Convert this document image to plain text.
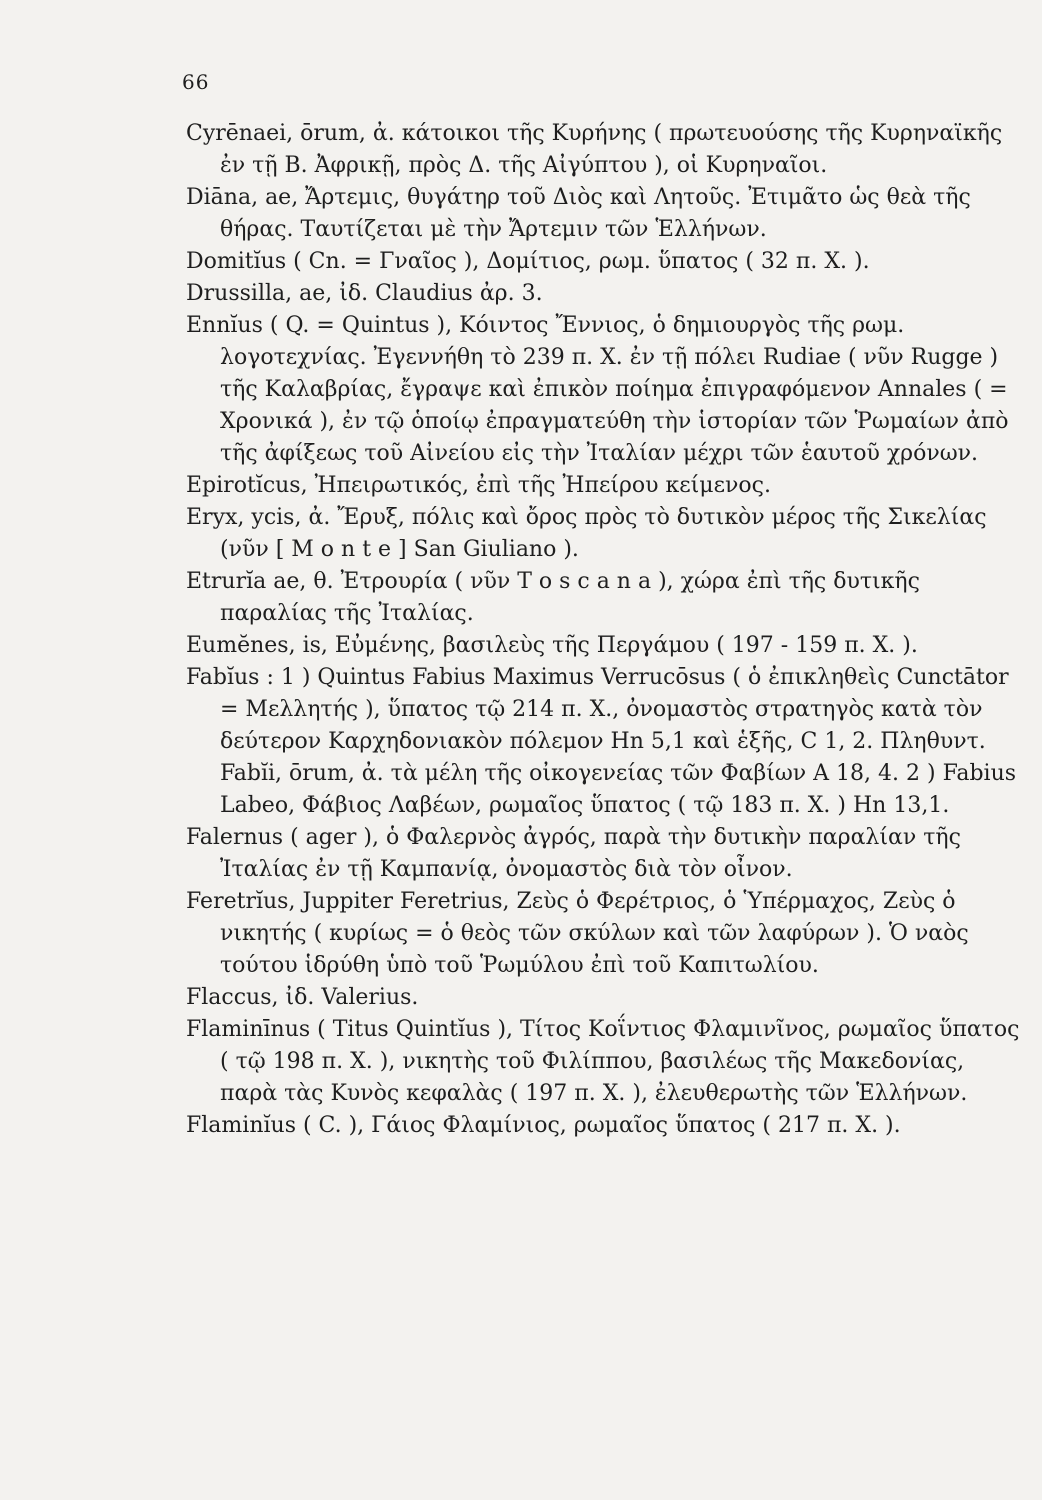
66

Cyrēnaei, ōrum, ἀ. κάτοικοι τῆς Κυρήνης ( πρωτευούσης τῆς Κυρηναϊκῆς ἐν τῇ Β. Ἀφρικῇ, πρὸς Δ. τῆς Αἰγύπτου ), οἱ Κυρηναῖοι.

Diāna, ae, Ἄρτεμις, θυγάτηρ τοῦ Διὸς καὶ Λητοῦς. Ἐτιμᾶτο ὡς θεὰ τῆς θήρας. Ταυτίζεται μὲ τὴν Ἄρτεμιν τῶν Ἑλλήνων.

Domitĭus ( Cn. = Γναῖος ), Δομίτιος, ρωμ. ὕπατος ( 32 π. Χ. ).

Drussilla, ae, ἰδ. Claudius ἀρ. 3.

Ennĭus ( Q. = Quintus ), Κόιντος Ἔννιος, ὁ δημιουργὸς τῆς ρωμ. λογοτεχνίας. Ἐγεννήθη τὸ 239 π. Χ. ἐν τῇ πόλει Rudiae ( νῦν Rugge ) τῆς Καλαβρίας, ἔγραψε καὶ ἐπικὸν ποίημα ἐπιγραφόμενον Annales ( = Χρονικά ), ἐν τῷ ὁποίῳ ἐπραγματεύθη τὴν ἱστορίαν τῶν Ῥωμαίων ἀπὸ τῆς ἀφίξεως τοῦ Αἰνείου εἰς τὴν Ἰταλίαν μέχρι τῶν ἑαυτοῦ χρόνων.

Epirotĭcus, Ἠπειρωτικός, ἐπὶ τῆς Ἠπείρου κείμενος.

Eryx, ycis, ἀ. Ἔρυξ, πόλις καὶ ὄρος πρὸς τὸ δυτικὸν μέρος τῆς Σικελίας (νῦν [ M o n t e ] San Giuliano ).

Etrurĭa ae, θ. Ἐτρουρία ( νῦν T o s c a n a ), χώρα ἐπὶ τῆς δυτικῆς παραλίας τῆς Ἰταλίας.

Eumĕnes, is, Εὐμένης, βασιλεὺς τῆς Περγάμου ( 197 - 159 π. Χ. ).

Fabĭus : 1 ) Quintus Fabius Maximus Verrucōsus ( ὁ ἐπικληθεὶς Cunctātor = Μελλητής ), ὕπατος τῷ 214 π. Χ., ὀνομαστὸς στρατηγὸς κατὰ τὸν δεύτερον Καρχηδονιακὸν πόλεμον Hn 5,1 καὶ ἑξῆς, C 1, 2. Πληθυντ. Fabĭi, ōrum, ἀ. τὰ μέλη τῆς οἰκογενείας τῶν Φαβίων A 18, 4. 2 ) Fabius Labeo, Φάβιος Λαβέων, ρωμαῖος ὕπατος ( τῷ 183 π. Χ. ) Hn 13,1.

Falernus ( ager ), ὁ Φαλερνὸς ἀγρός, παρὰ τὴν δυτικὴν παραλίαν τῆς Ἰταλίας ἐν τῇ Καμπανίᾳ, ὀνομαστὸς διὰ τὸν οἶνον.

Feretrĭus, Juppiter Feretrius, Ζεὺς ὁ Φερέτριος, ὁ Ὑπέρμαχος, Ζεὺς ὁ νικητής ( κυρίως = ὁ θεὸς τῶν σκύλων καὶ τῶν λαφύρων ). Ὁ ναὸς τούτου ἱδρύθη ὑπὸ τοῦ Ῥωμύλου ἐπὶ τοῦ Καπιτωλίου.

Flaccus, ἰδ. Valerius.

Flaminīnus ( Titus Quintĭus ), Τίτος Κοΐντιος Φλαμινῖνος, ρωμαῖος ὕπατος ( τῷ 198 π. Χ. ), νικητὴς τοῦ Φιλίππου, βασιλέως τῆς Μακεδονίας, παρὰ τὰς Κυνὸς κεφαλὰς ( 197 π. Χ. ), ἐλευθερωτὴς τῶν Ἑλλήνων.

Flaminĭus ( C. ), Γάιος Φλαμίνιος, ρωμαῖος ὕπατος ( 217 π. Χ. ).
